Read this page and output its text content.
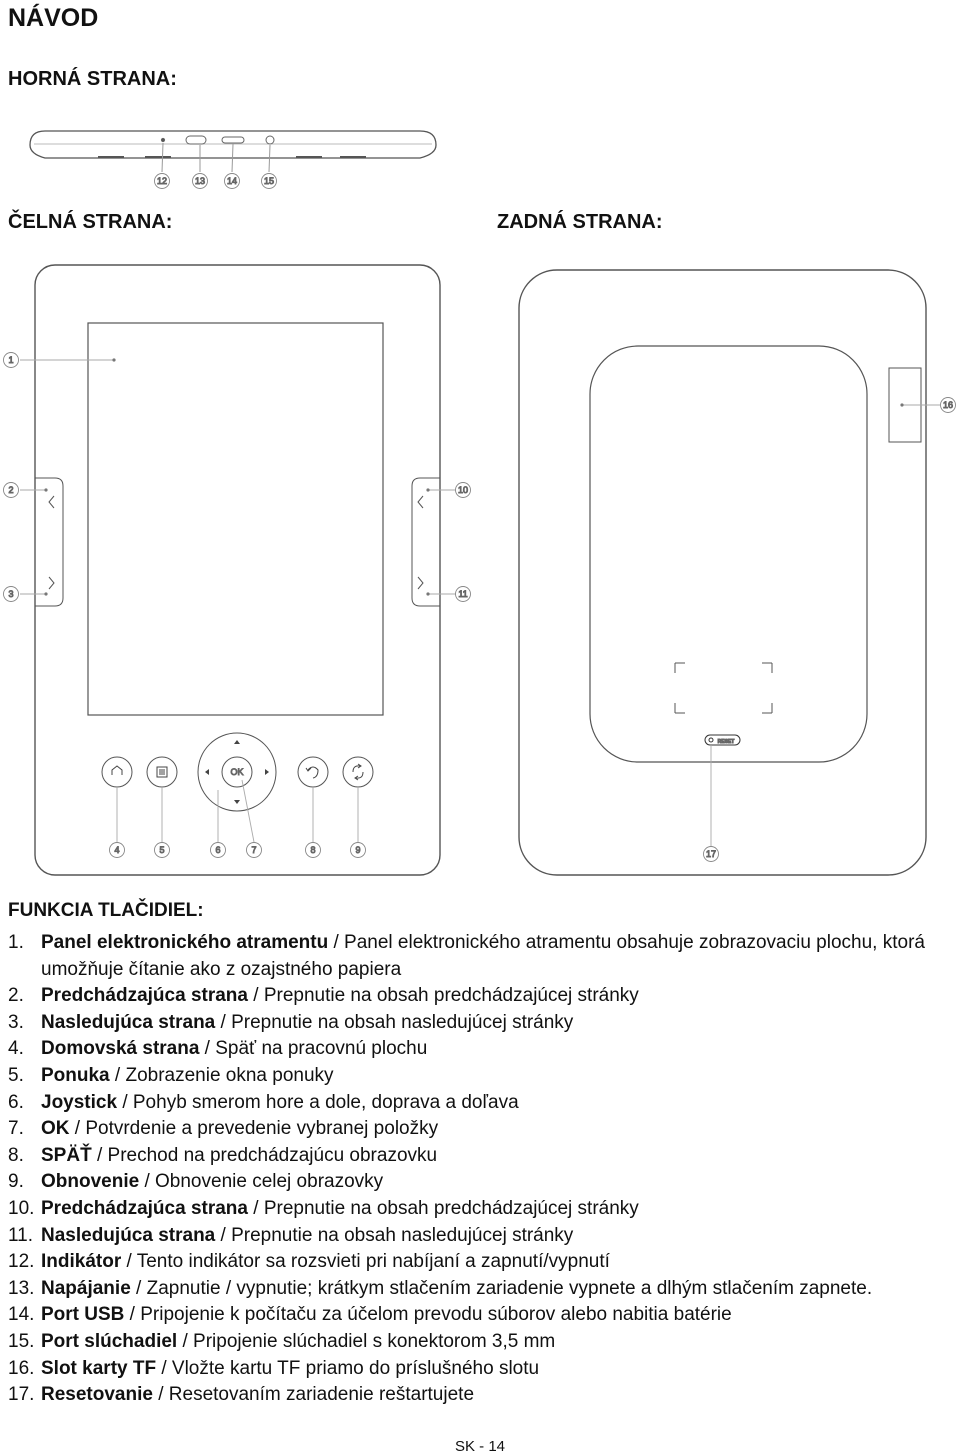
NÁVOD
HORNÁ STRANA:
ČELNÁ STRANA:	ZADNÁ STRANA:
OK
RESET
1
2
3
4	5	6	7	8	9
10
11
12	13 14	15
16
17
FUNKCIA TLAČIDIEL:
1. Panel elektronického atramentu / Panel elektronického atramentu obsahuje zobrazovaciu plochu, ktorá umožňuje čítanie ako z ozajstného papiera
2. Predchádzajúca strana / Prepnutie na obsah predchádzajúcej stránky
3. Nasledujúca strana / Prepnutie na obsah nasledujúcej stránky
4. Domovská strana / Späť na pracovnú plochu
5. Ponuka / Zobrazenie okna ponuky
6. Joystick / Pohyb smerom hore a dole, doprava a doľava
7. OK / Potvrdenie a prevedenie vybranej položky
8. SPÄŤ / Prechod na predchádzajúcu obrazovku
9. Obnovenie / Obnovenie celej obrazovky
10. Predchádzajúca strana / Prepnutie na obsah predchádzajúcej stránky
11. Nasledujúca strana / Prepnutie na obsah nasledujúcej stránky
12. Indikátor / Tento indikátor sa rozsvieti pri nabíjaní a zapnutí/vypnutí
13. Napájanie / Zapnutie / vypnutie; krátkym stlačením zariadenie vypnete a dlhým stlačením zapnete.
14. Port USB / Pripojenie k počítaču za účelom prevodu súborov alebo nabitia batérie
15. Port slúchadiel / Pripojenie slúchadiel s konektorom 3,5 mm
16. Slot karty TF / Vložte kartu TF priamo do príslušného slotu
17. Resetovanie / Resetovaním zariadenie reštartujete
SK - 14
